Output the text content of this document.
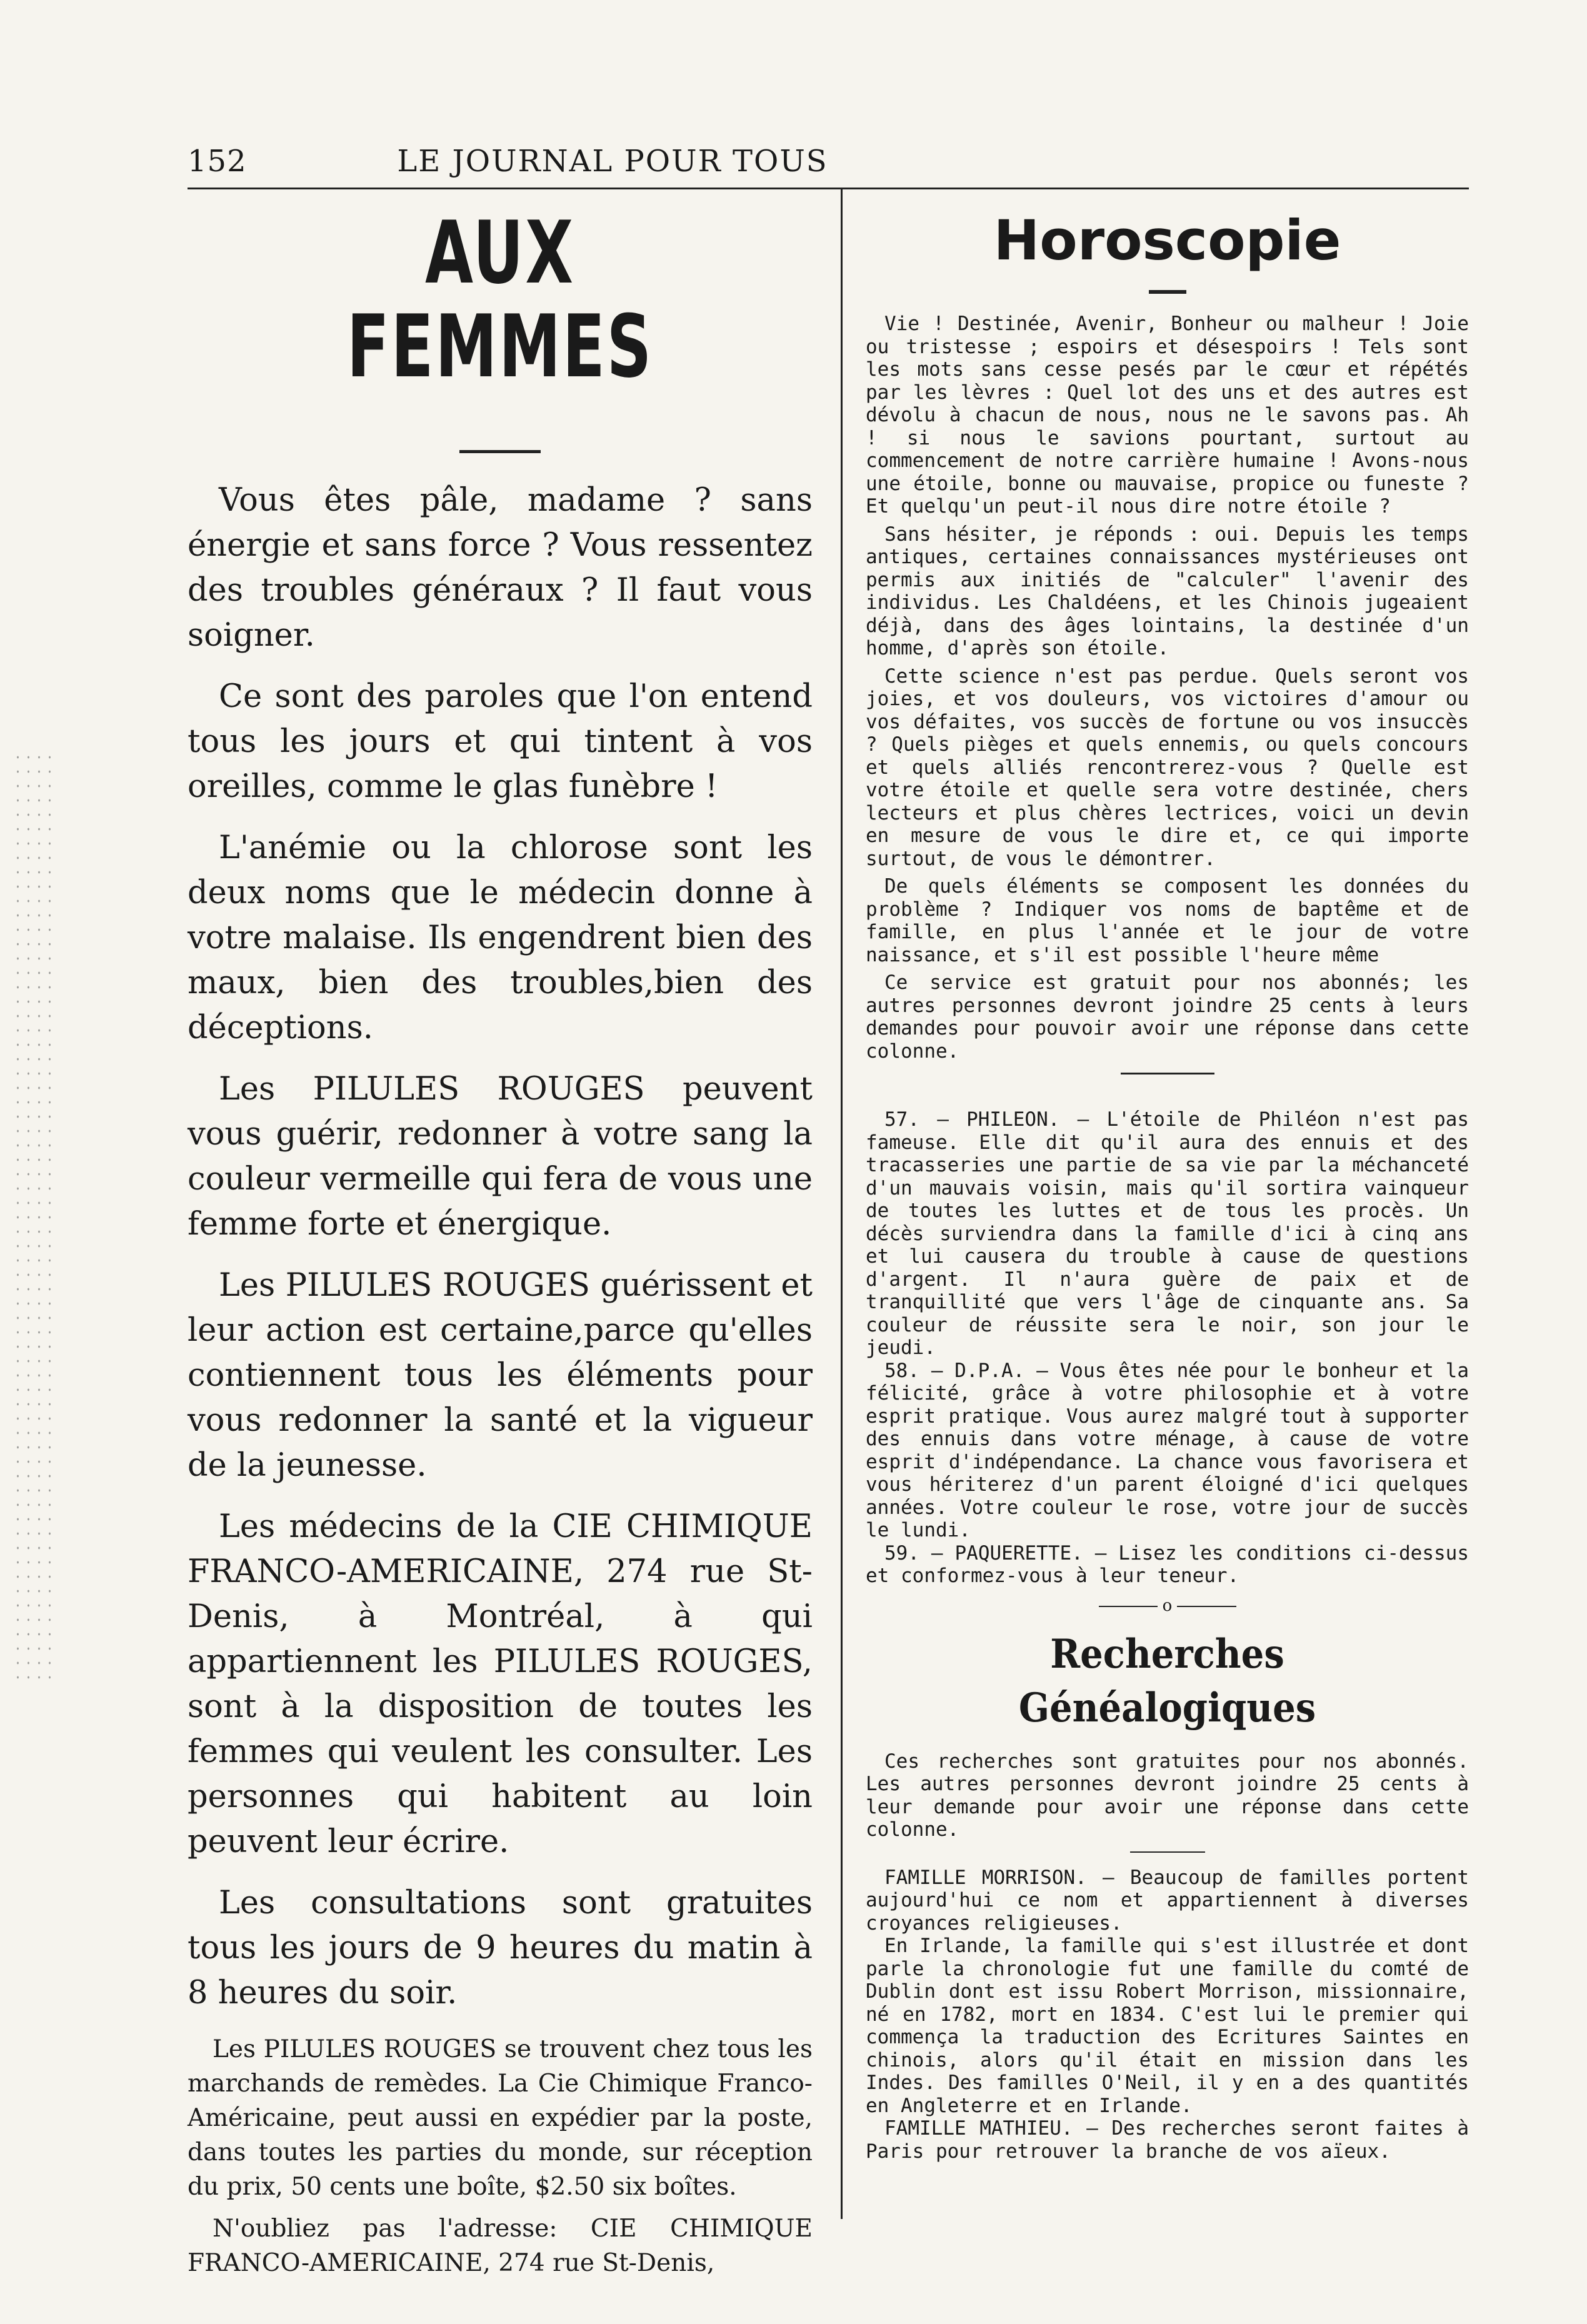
152	LE JOURNAL POUR TOUS
AUX FEMMES

Vous êtes pâle, madame ? sans énergie et sans force ? Vous ressentez des troubles généraux ? Il faut vous soigner.

Ce sont des paroles que l'on entend tous les jours et qui tintent à vos oreilles, comme le glas funèbre !

L'anémie ou la chlorose sont les deux noms que le médecin donne à votre malaise. Ils engendrent bien des maux, bien des troubles,bien des déceptions.

Les PILULES ROUGES peuvent vous guérir, redonner à votre sang la couleur vermeille qui fera de vous une femme forte et énergique.

Les PILULES ROUGES guérissent et leur action est certaine,parce qu'elles contiennent tous les éléments pour vous redonner la santé et la vigueur de la jeunesse.

Les médecins de la CIE CHIMIQUE FRANCO-AMERICAINE, 274 rue St-Denis, à Montréal, à qui appartiennent les PILULES ROUGES, sont à la disposition de toutes les femmes qui veulent les consulter. Les personnes qui habitent au loin peuvent leur écrire.

Les consultations sont gratuites tous les jours de 9 heures du matin à 8 heures du soir.

Les PILULES ROUGES se trouvent chez tous les marchands de remèdes. La Cie Chimique Franco-Américaine, peut aussi en expédier par la poste, dans toutes les parties du monde, sur réception du prix, 50 cents une boîte, $2.50 six boîtes.

N'oubliez pas l'adresse: CIE CHIMIQUE FRANCO-AMERICAINE, 274 rue St-Denis,

Horoscopie

Vie ! Destinée, Avenir, Bonheur ou malheur ! Joie ou tristesse ; espoirs et désespoirs ! Tels sont les mots sans cesse pesés par le cœur et répétés par les lèvres : Quel lot des uns et des autres est dévolu à chacun de nous, nous ne le savons pas. Ah ! si nous le savions pourtant, surtout au commencement de notre carrière humaine ! Avons-nous une étoile, bonne ou mauvaise, propice ou funeste ? Et quelqu'un peut-il nous dire notre étoile ?

Sans hésiter, je réponds : oui. Depuis les temps antiques, certaines connaissances mystérieuses ont permis aux initiés de "calculer" l'avenir des individus. Les Chaldéens, et les Chinois jugeaient déjà, dans des âges lointains, la destinée d'un homme, d'après son étoile.

Cette science n'est pas perdue. Quels seront vos joies, et vos douleurs, vos victoires d'amour ou vos défaites, vos succès de fortune ou vos insuccès ? Quels pièges et quels ennemis, ou quels concours et quels alliés rencontrerez-vous ? Quelle est votre étoile et quelle sera votre destinée, chers lecteurs et plus chères lectrices, voici un devin en mesure de vous le dire et, ce qui importe surtout, de vous le démontrer.

De quels éléments se composent les données du problème ? Indiquer vos noms de baptême et de famille, en plus l'année et le jour de votre naissance, et s'il est possible l'heure même

Ce service est gratuit pour nos abonnés; les autres personnes devront joindre 25 cents à leurs demandes pour pouvoir avoir une réponse dans cette colonne.

57. — PHILEON. — L'étoile de Philéon n'est pas fameuse. Elle dit qu'il aura des ennuis et des tracasseries une partie de sa vie par la méchanceté d'un mauvais voisin, mais qu'il sortira vainqueur de toutes les luttes et de tous les procès. Un décès surviendra dans la famille d'ici à cinq ans et lui causera du trouble à cause de questions d'argent. Il n'aura guère de paix et de tranquillité que vers l'âge de cinquante ans. Sa couleur de réussite sera le noir, son jour le jeudi.

58. — D.P.A. — Vous êtes née pour le bonheur et la félicité, grâce à votre philosophie et à votre esprit pratique. Vous aurez malgré tout à supporter des ennuis dans votre ménage, à cause de votre esprit d'indépendance. La chance vous favorisera et vous hériterez d'un parent éloigné d'ici quelques années. Votre couleur le rose, votre jour de succès le lundi.

59. — PAQUERETTE. — Lisez les conditions ci-dessus et conformez-vous à leur teneur.

o
Recherches Généalogiques

Ces recherches sont gratuites pour nos abonnés. Les autres personnes devront joindre 25 cents à leur demande pour avoir une réponse dans cette colonne.

FAMILLE MORRISON. — Beaucoup de familles portent aujourd'hui ce nom et appartiennent à diverses croyances religieuses.

En Irlande, la famille qui s'est illustrée et dont parle la chronologie fut une famille du comté de Dublin dont est issu Robert Morrison, missionnaire, né en 1782, mort en 1834. C'est lui le premier qui commença la traduction des Ecritures Saintes en chinois, alors qu'il était en mission dans les Indes. Des familles O'Neil, il y en a des quantités en Angleterre et en Irlande.

FAMILLE MATHIEU. — Des recherches seront faites à Paris pour retrouver la branche de vos aïeux.
